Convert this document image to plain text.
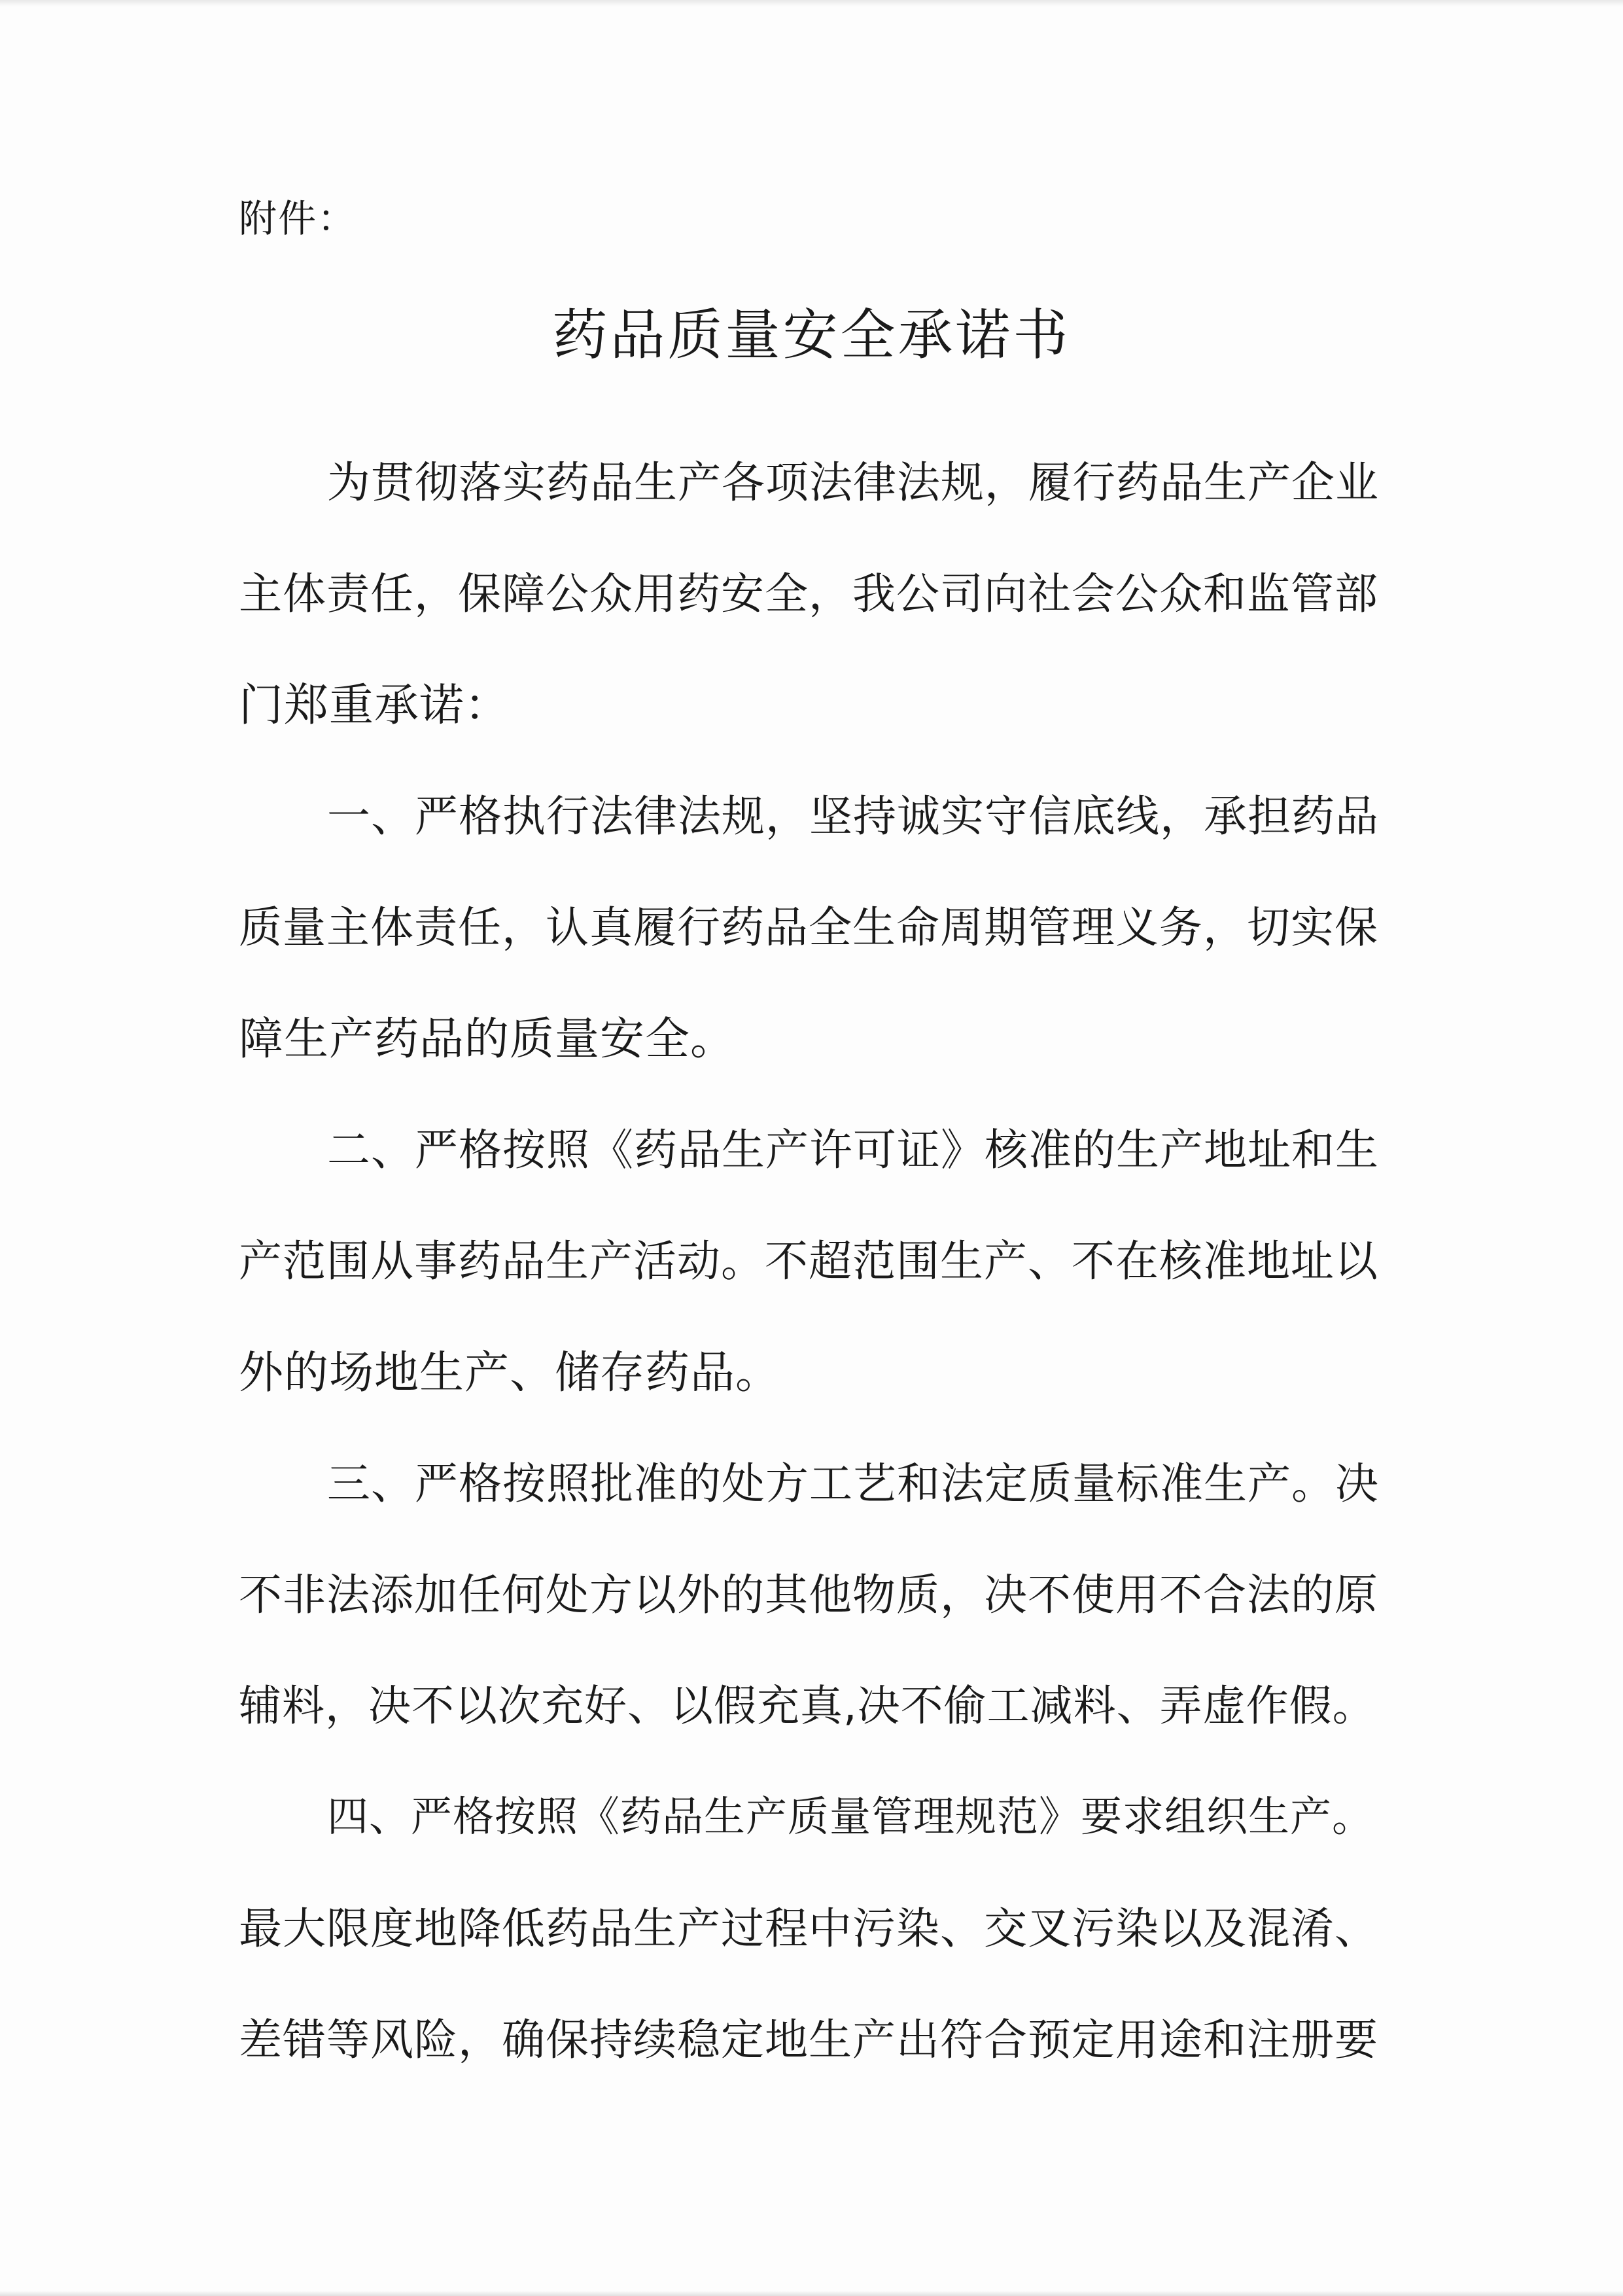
附件：
药品质量安全承诺书
为贯彻落实药品生产各项法律法规，履行药品生产企业
主体责任，保障公众用药安全，我公司向社会公众和监管部
门郑重承诺：
一、严格执行法律法规，坚持诚实守信底线，承担药品
质量主体责任，认真履行药品全生命周期管理义务，切实保
障生产药品的质量安全。
二、严格按照《药品生产许可证》核准的生产地址和生
产范围从事药品生产活动。不超范围生产、不在核准地址以
外的场地生产、储存药品。
三、严格按照批准的处方工艺和法定质量标准生产。决
不非法添加任何处方以外的其他物质，决不使用不合法的原
辅料，决不以次充好、以假充真,决不偷工减料、弄虚作假。
四、严格按照《药品生产质量管理规范》要求组织生产。
最大限度地降低药品生产过程中污染、交叉污染以及混淆、
差错等风险，确保持续稳定地生产出符合预定用途和注册要
